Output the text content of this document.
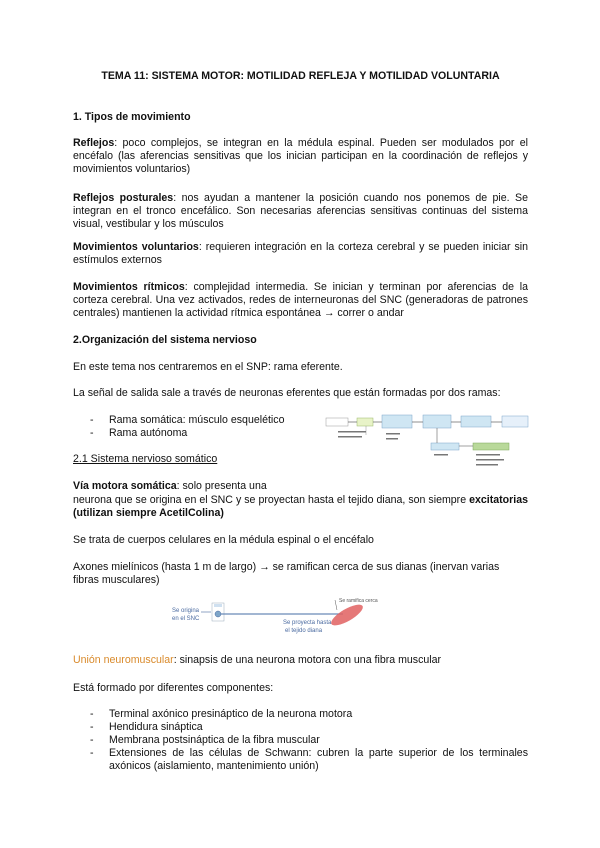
TEMA 11: SISTEMA MOTOR: MOTILIDAD REFLEJA Y MOTILIDAD VOLUNTARIA
1. Tipos de movimiento

Reflejos: poco complejos, se integran en la médula espinal. Pueden ser modulados por el encéfalo (las aferencias sensitivas que los inician participan en la coordinación de reflejos y movimientos voluntarios)

Reflejos posturales: nos ayudan a mantener la posición cuando nos ponemos de pie. Se integran en el tronco encefálico. Son necesarias aferencias sensitivas continuas del sistema visual, vestibular y los músculos

Movimientos voluntarios: requieren integración en la corteza cerebral y se pueden iniciar sin estímulos externos

Movimientos rítmicos: complejidad intermedia. Se inician y terminan por aferencias de la corteza cerebral. Una vez activados, redes de interneuronas del SNC (generadoras de patrones centrales) mantienen la actividad rítmica espontánea → correr o andar

2.Organización del sistema nervioso

En este tema nos centraremos en el SNP: rama eferente.

La señal de salida sale a través de neuronas eferentes que están formadas por dos ramas:

- Rama somática: músculo esquelético
- Rama autónoma
2.1 Sistema nervioso somático

Vía motora somática: solo presenta una

neurona que se origina en el SNC y se proyectan hasta el tejido diana, son siempre excitatorias (utilizan siempre AcetilColina)

Se trata de cuerpos celulares en la médula espinal o el encéfalo

Axones mielínicos (hasta 1 m de largo) → se ramifican cerca de sus dianas (inervan varias fibras musculares)

Unión neuromuscular: sinapsis de una neurona motora con una fibra muscular

Está formado por diferentes componentes:

- Terminal axónico presináptico de la neurona motora
- Hendidura sináptica
- Membrana postsináptica de la fibra muscular
- Extensiones de las células de Schwann: cubren la parte superior de los terminales axónicos (aislamiento, mantenimiento unión)
Se origina
en el SNC
Se ramifica cerca
Se proyecta hasta
el tejido diana
